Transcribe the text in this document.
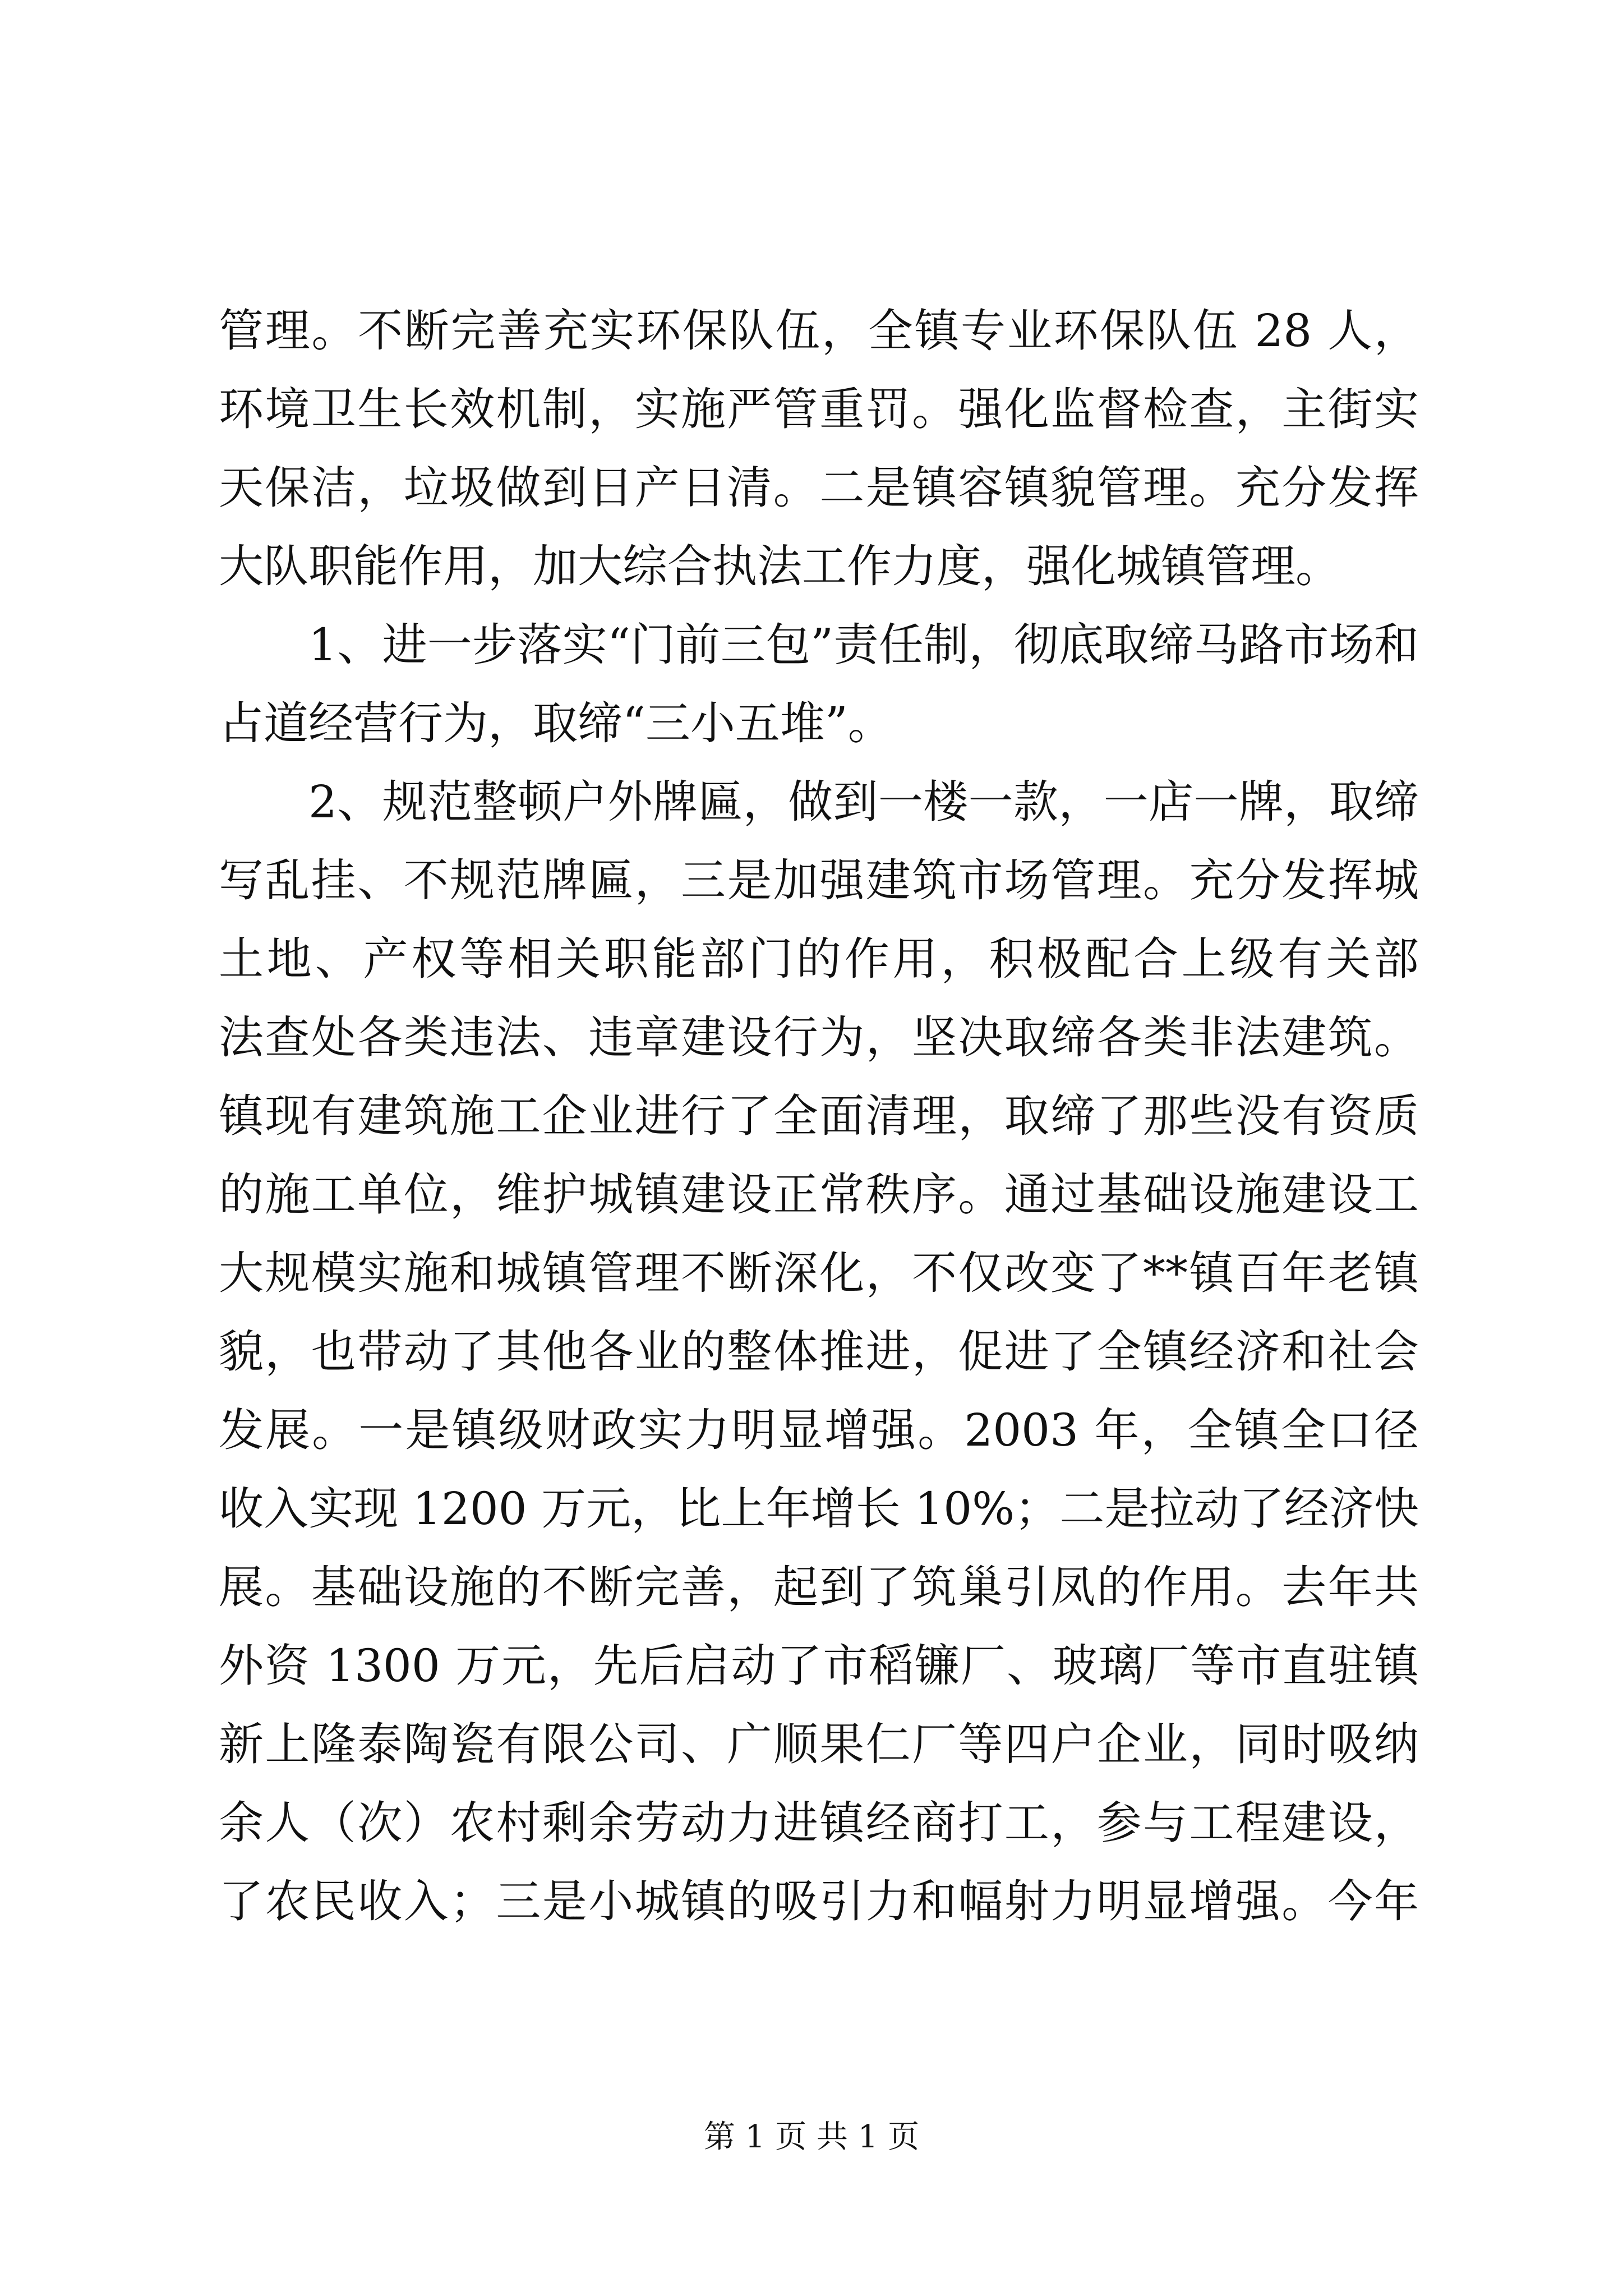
管理。不断完善充实环保队伍，全镇专业环保队伍 28 人，
环境卫生长效机制，实施严管重罚。强化监督检查，主街实
天保洁，垃圾做到日产日清。二是镇容镇貌管理。充分发挥
大队职能作用，加大综合执法工作力度，强化城镇管理。
1、进一步落实“门前三包”责任制，彻底取缔马路市场和
占道经营行为，取缔“三小五堆”。
2、规范整顿户外牌匾，做到一楼一款，一店一牌，取缔
写乱挂、不规范牌匾，三是加强建筑市场管理。充分发挥城
土地、产权等相关职能部门的作用，积极配合上级有关部
法查处各类违法、违章建设行为，坚决取缔各类非法建筑。
镇现有建筑施工企业进行了全面清理，取缔了那些没有资质
的施工单位，维护城镇建设正常秩序。通过基础设施建设工
大规模实施和城镇管理不断深化，不仅改变了**镇百年老镇
貌，也带动了其他各业的整体推进，促进了全镇经济和社会
发展。一是镇级财政实力明显增强。2003 年，全镇全口径
收入实现 1200 万元，比上年增长 10%；二是拉动了经济快
展。基础设施的不断完善，起到了筑巢引凤的作用。去年共
外资 1300 万元，先后启动了市稻镰厂、玻璃厂等市直驻镇
新上隆泰陶瓷有限公司、广顺果仁厂等四户企业，同时吸纳
余人（次）农村剩余劳动力进镇经商打工，参与工程建设，
了农民收入；三是小城镇的吸引力和幅射力明显增强。今年
第 1 页 共 1 页
